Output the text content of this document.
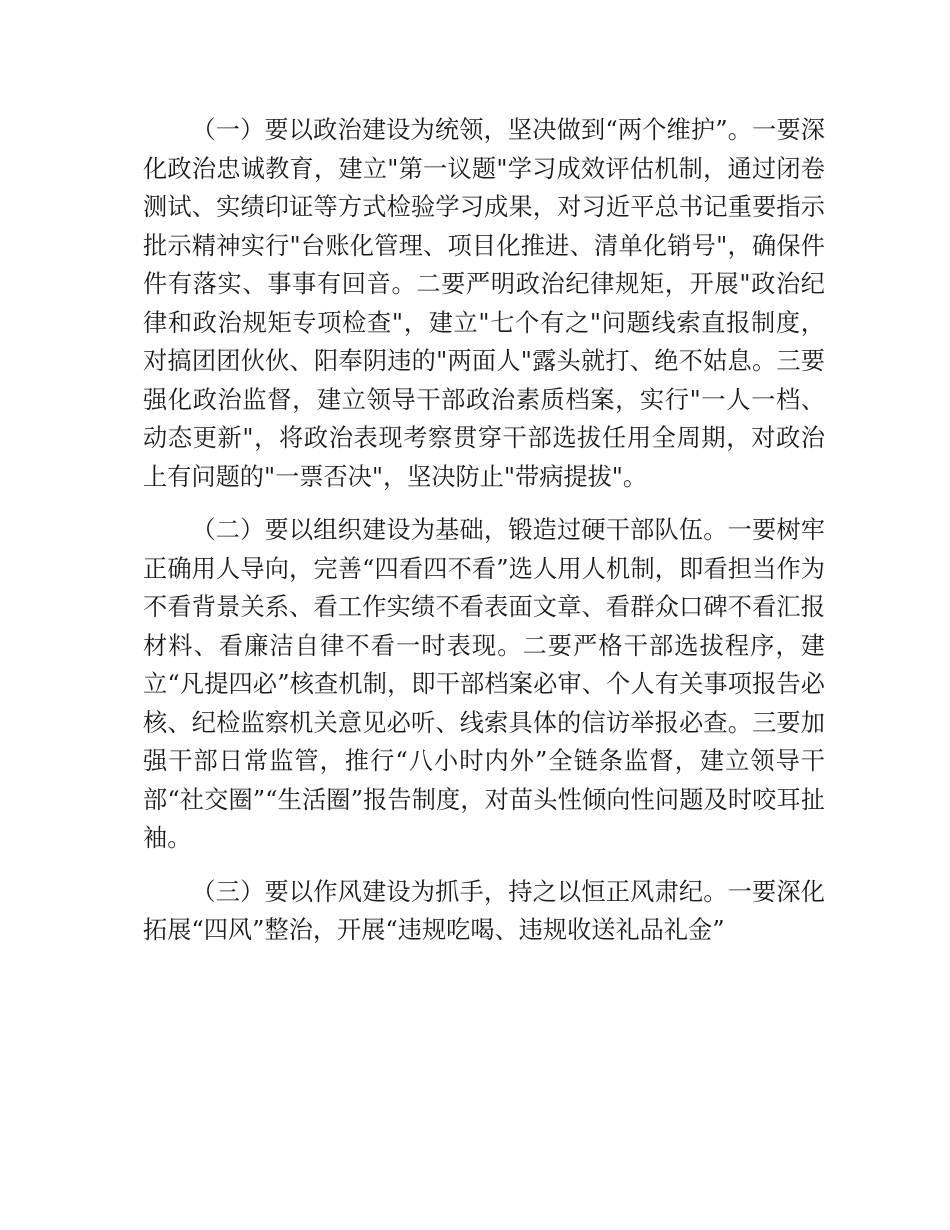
（一）要以政治建设为统领，坚决做到“两个维护”。一要深化政治忠诚教育，建立"第一议题"学习成效评估机制，通过闭卷测试、实绩印证等方式检验学习成果，对习近平总书记重要指示批示精神实行"台账化管理、项目化推进、清单化销号"，确保件件有落实、事事有回音。二要严明政治纪律规矩，开展"政治纪律和政治规矩专项检查"，建立"七个有之"问题线索直报制度，对搞团团伙伙、阳奉阴违的"两面人"露头就打、绝不姑息。三要强化政治监督，建立领导干部政治素质档案，实行"一人一档、动态更新"，将政治表现考察贯穿干部选拔任用全周期，对政治上有问题的"一票否决"，坚决防止"带病提拔"。

（二）要以组织建设为基础，锻造过硬干部队伍。一要树牢正确用人导向，完善“四看四不看”选人用人机制，即看担当作为不看背景关系、看工作实绩不看表面文章、看群众口碑不看汇报材料、看廉洁自律不看一时表现。二要严格干部选拔程序，建立“凡提四必”核查机制，即干部档案必审、个人有关事项报告必核、纪检监察机关意见必听、线索具体的信访举报必查。三要加强干部日常监管，推行“八小时内外”全链条监督，建立领导干部“社交圈”“生活圈”报告制度，对苗头性倾向性问题及时咬耳扯袖。

（三）要以作风建设为抓手，持之以恒正风肃纪。一要深化拓展“四风”整治，开展“违规吃喝、违规收送礼品礼金”
